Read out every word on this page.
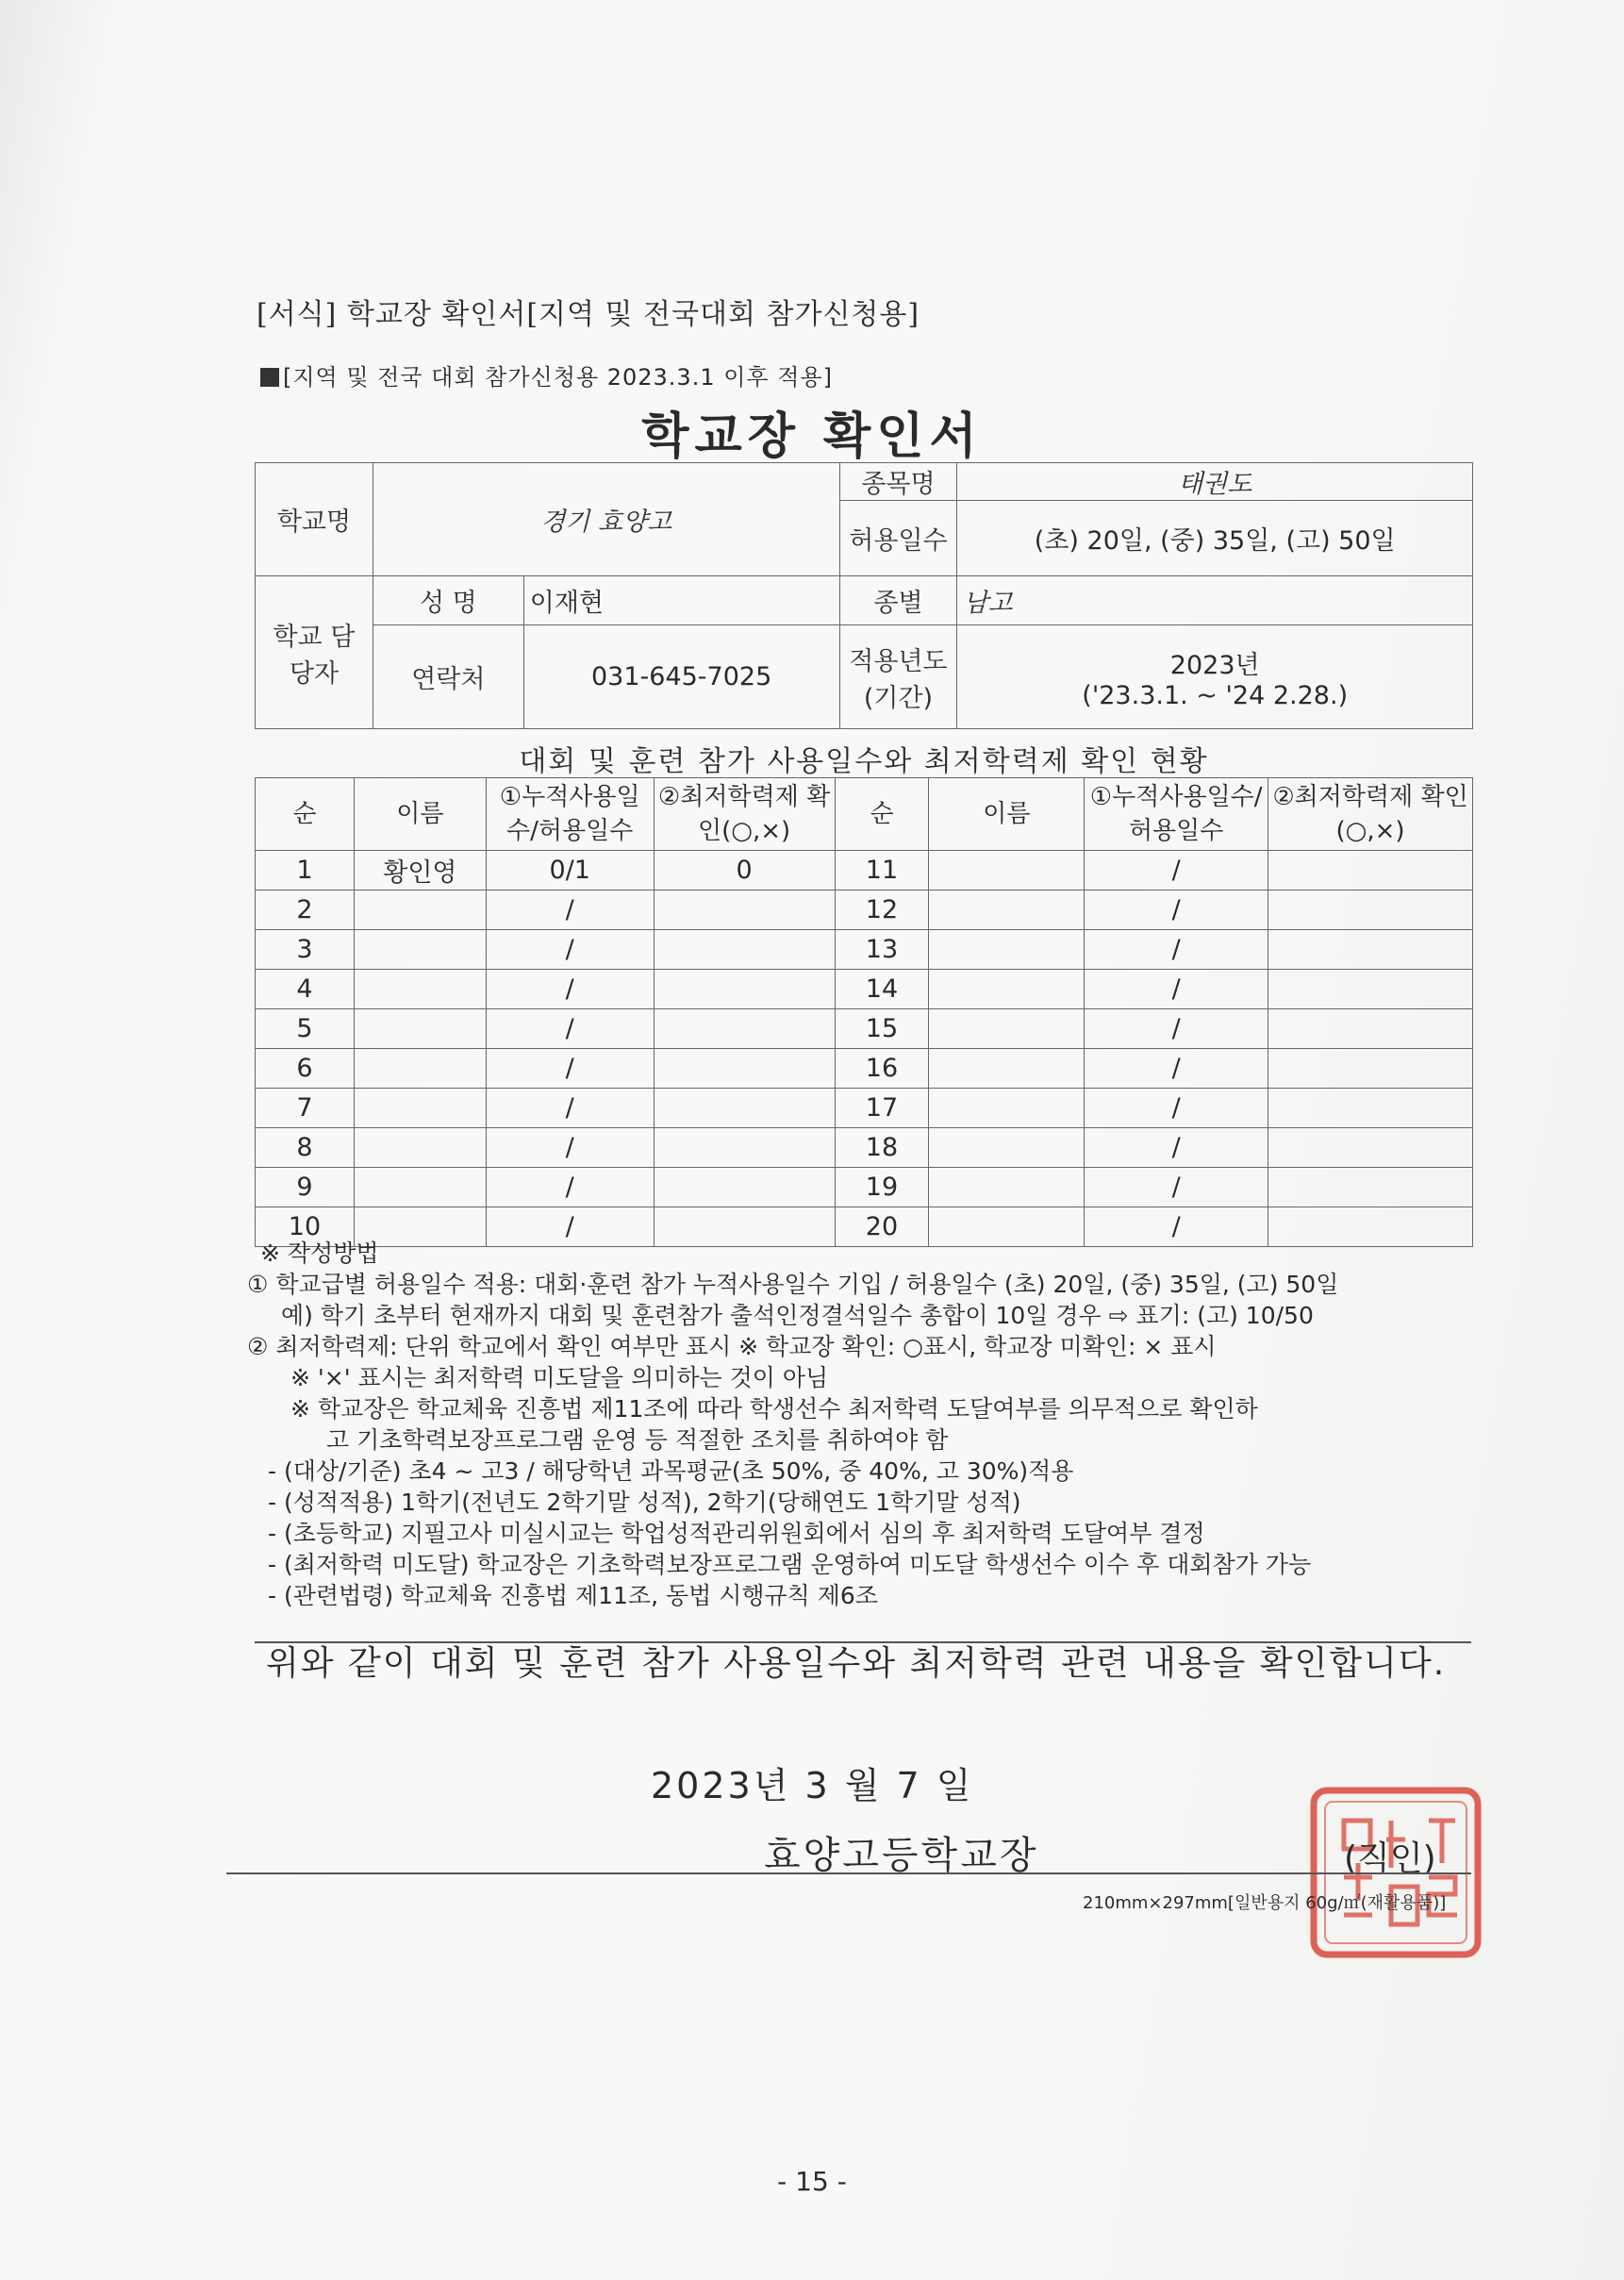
[서식] 학교장 확인서[지역 및 전국대회 참가신청용]
[지역 및 전국 대회 참가신청용 2023.3.1 이후 적용]
학교장 확인서
학교명	경기 효양고		종목명	태권도
			허용일수	(초) 20일, (중) 35일, (고) 50일
학교 담당자	성 명	이재현	종별	남고
	연락처	031-645-7025	적용년도 (기간)	2023년
('23.3.1. ~ '24 2.28.)
대회 및 훈련 참가 사용일수와 최저학력제 확인 현황
순	이름	①누적사용일수/허용일수	②최저학력제 확인(○,×)	순	이름	①누적사용일수/허용일수	②최저학력제 확인(○,×)
1	황인영	0/1	0	11		/	
2		/		12		/	
3		/		13		/	
4		/		14		/	
5		/		15		/	
6		/		16		/	
7		/		17		/	
8		/		18		/	
9		/		19		/	
10		/		20		/	
※ 작성방법
① 학교급별 허용일수 적용: 대회·훈련 참가 누적사용일수 기입 / 허용일수 (초) 20일, (중) 35일, (고) 50일
예) 학기 초부터 현재까지 대회 및 훈련참가 출석인정결석일수 총합이 10일 경우 ⇨ 표기: (고) 10/50
② 최저학력제: 단위 학교에서 확인 여부만 표시 ※ 학교장 확인: ○표시, 학교장 미확인: × 표시
※ '×' 표시는 최저학력 미도달을 의미하는 것이 아님
※ 학교장은 학교체육 진흥법 제11조에 따라 학생선수 최저학력 도달여부를 의무적으로 확인하
고 기초학력보장프로그램 운영 등 적절한 조치를 취하여야 함
- (대상/기준) 초4 ~ 고3 / 해당학년 과목평균(초 50%, 중 40%, 고 30%)적용
- (성적적용) 1학기(전년도 2학기말 성적), 2학기(당해연도 1학기말 성적)
- (초등학교) 지필고사 미실시교는 학업성적관리위원회에서 심의 후 최저학력 도달여부 결정
- (최저학력 미도달) 학교장은 기초학력보장프로그램 운영하여 미도달 학생선수 이수 후 대회참가 가능
- (관련법령) 학교체육 진흥법 제11조, 동법 시행규칙 제6조
위와 같이 대회 및 훈련 참가 사용일수와 최저학력 관련 내용을 확인합니다.
2023년 3 월 7 일
효양고등학교장	(직인)
210mm×297mm[일반용지 60g/㎡(재활용품)]
- 15 -
